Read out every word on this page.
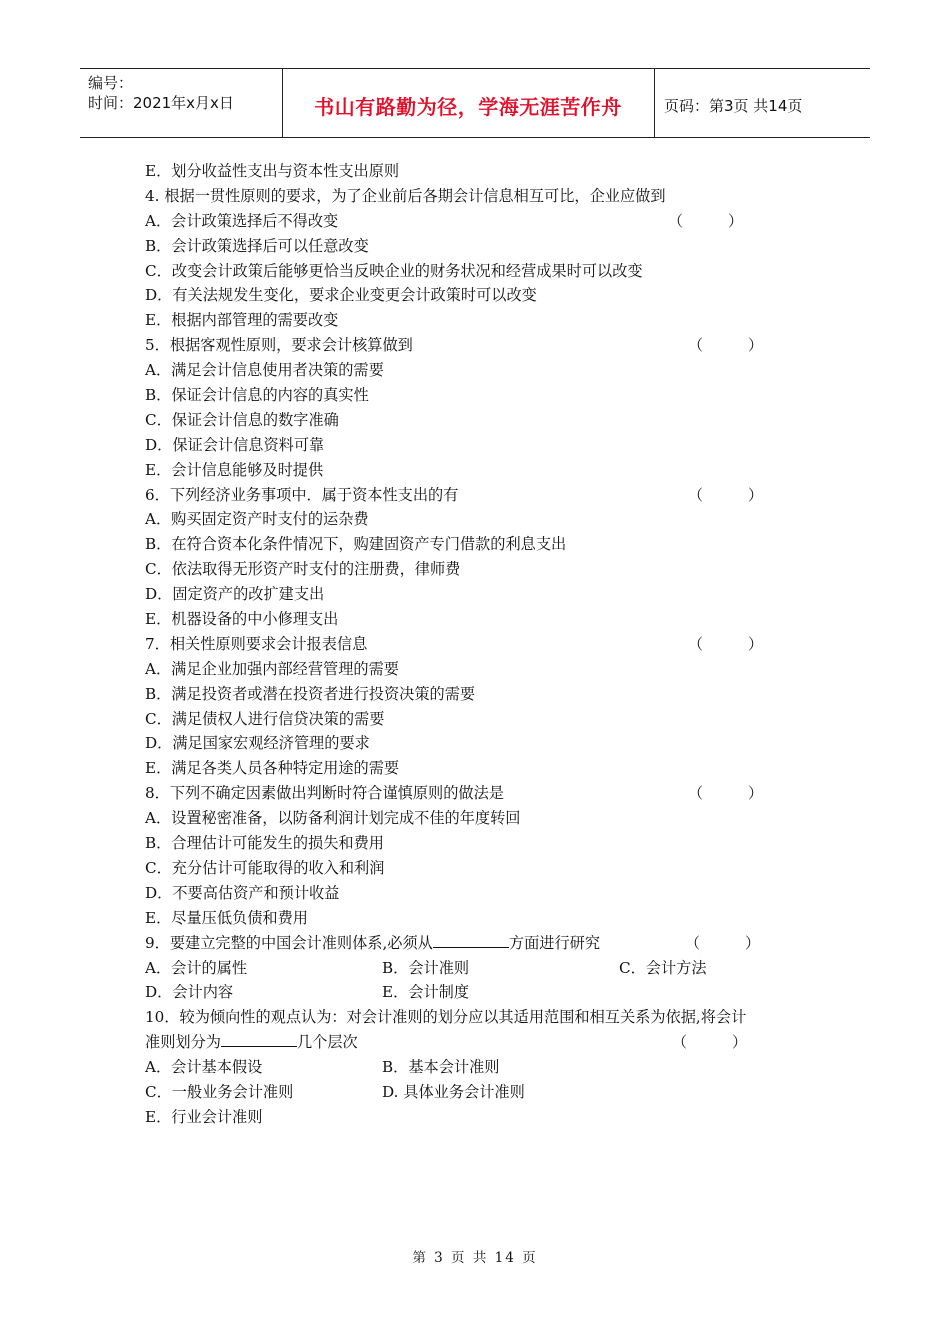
编号：
时间：2021年x月x日	书山有路勤为径，学海无涯苦作舟	页码：第3页 共14页
E．划分收益性支出与资本性支出原则
4. 根据一贯性原则的要求，为了企业前后各期会计信息相互可比，企业应做到
A．会计政策选择后不得改变	（　　　）
B．会计政策选择后可以任意改变
C．改变会计政策后能够更恰当反映企业的财务状况和经营成果时可以改变
D．有关法规发生变化，要求企业变更会计政策时可以改变
E．根据内部管理的需要改变
5．根据客观性原则，要求会计核算做到	（　　　）
A．满足会计信息使用者决策的需要
B．保证会计信息的内容的真实性
C．保证会计信息的数字准确
D．保证会计信息资料可靠
E．会计信息能够及时提供
6．下列经济业务事项中．属于资本性支出的有	（　　　）
A．购买固定资产时支付的运杂费
B．在符合资本化条件情况下，购建固资产专门借款的利息支出
C．依法取得无形资产时支付的注册费，律师费
D．固定资产的改扩建支出
E．机器设备的中小修理支出
7．相关性原则要求会计报表信息	（　　　）
A．满足企业加强内部经营管理的需要
B．满足投资者或潜在投资者进行投资决策的需要
C．满足债权人进行信贷决策的需要
D．满足国家宏观经济管理的要求
E．满足各类人员各种特定用途的需要
8．下列不确定因素做出判断时符合谨慎原则的做法是	（　　　）
A．设置秘密准备，以防备利润计划完成不佳的年度转回
B．合理估计可能发生的损失和费用
C．充分估计可能取得的收入和利润
D．不要高估资产和预计收益
E．尽量压低负债和费用
9．要建立完整的中国会计准则体系,必须从	方面进行研究	（　　　）
A．会计的属性	B．会计准则	C．会计方法
D．会计内容	E．会计制度
10．较为倾向性的观点认为：对会计准则的划分应以其适用范围和相互关系为依据,将会计
准则划分为	几个层次	（　　　）
A．会计基本假设	B．基本会计准则
C．一般业务会计准则	D. 具体业务会计准则
E．行业会计准则
第 3 页 共 14 页
